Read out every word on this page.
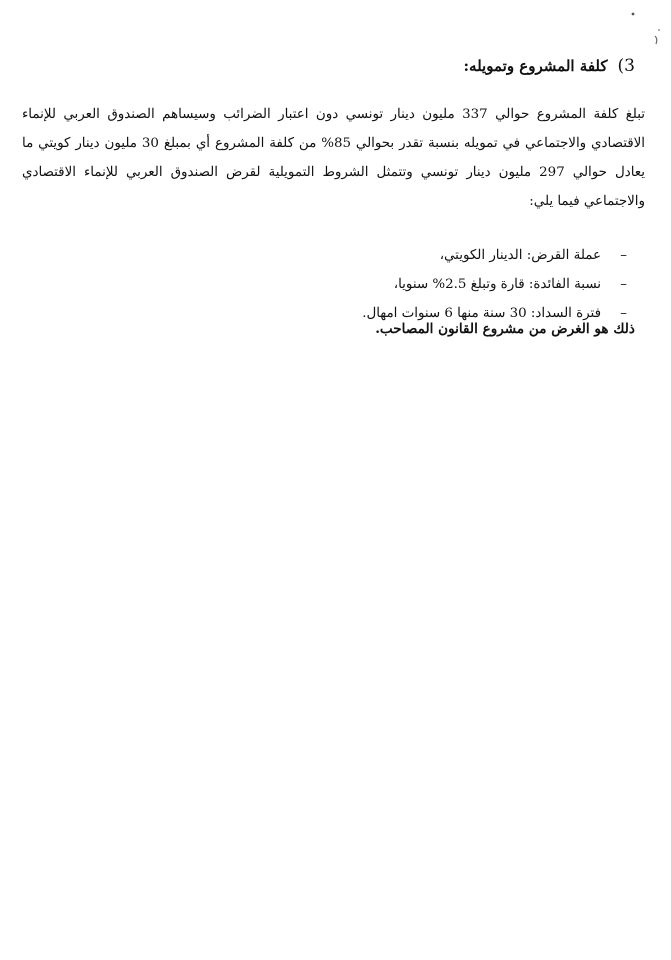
3)كلفة المشروع وتمويله:
تبلغ كلفة المشروع حوالي 337 مليون دينار تونسي دون اعتبار الضرائب وسيساهم الصندوق العربي للإنماء الاقتصادي والاجتماعي في تمويله بنسبة تقدر بحوالي 85% من كلفة المشروع أي بمبلغ 30 مليون دينار كويتي ما يعادل حوالي 297 مليون دينار تونسي وتتمثل الشروط التمويلية لقرض الصندوق العربي للإنماء الاقتصادي والاجتماعي فيما يلي:
–عملة القرض: الدينار الكويتي،
–نسبة الفائدة: قارة وتبلغ 2.5% سنويا،
–فترة السداد: 30 سنة منها 6 سنوات امهال.
ذلك هو الغرض من مشروع القانون المصاحب.
